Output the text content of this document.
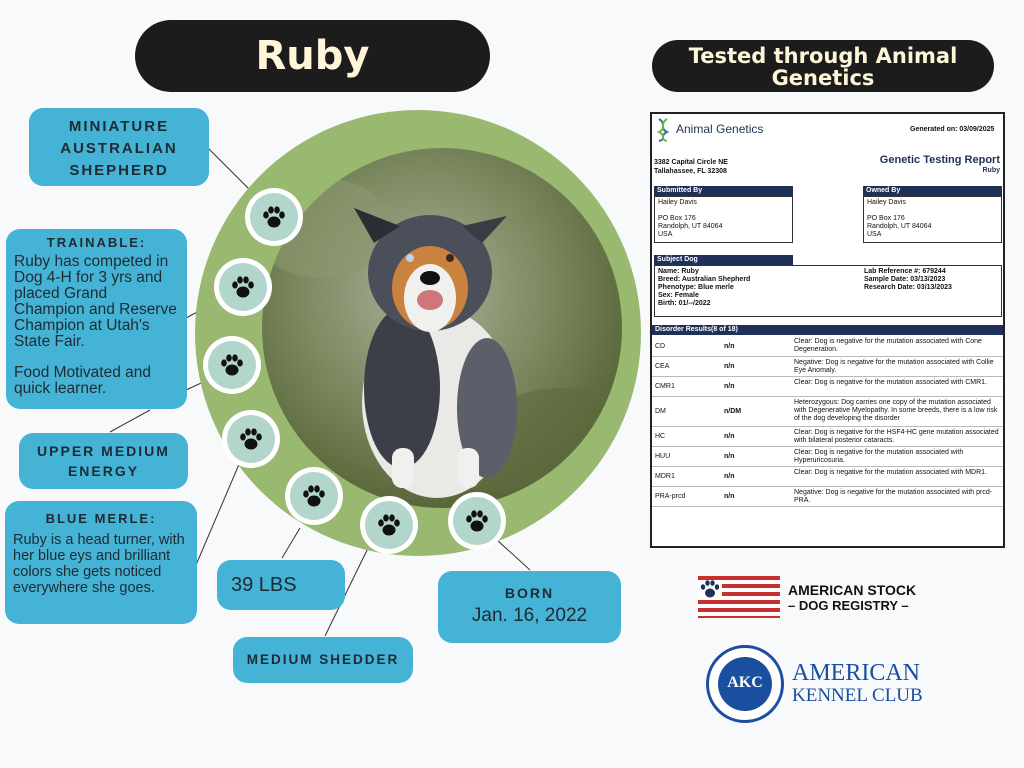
Ruby	Tested through Animal Genetics
MINIATURE AUSTRALIAN SHEPHERD
TRAINABLE:
Ruby has competed in Dog 4-H for 3 yrs and placed Grand Champion and Reserve Champion at Utah's State Fair.
Food Motivated and quick learner.
UPPER MEDIUM ENERGY
BLUE MERLE:
Ruby is a head turner, with her blue eys and brilliant colors she gets noticed everywhere she goes.	39 LBS
MEDIUM SHEDDER
BORN
Jan. 16, 2022
Animal Genetics	Generated on: 03/09/2025
3382 Capital Circle NE
Tallahassee, FL 32308
Genetic Testing Report
Ruby
Submitted By
Hailey Davis
PO Box 176
Randolph, UT 84064
USA
Owned By
Hailey Davis
PO Box 176
Randolph, UT 84064
USA
Subject Dog
Name: Ruby
Breed: Australian Shepherd
Phenotype: Blue merle
Sex: Female
Birth: 01/--/2022
Lab Reference #: 679244
Sample Date: 03/13/2023
Research Date: 03/13/2023
Disorder Results(8 of 18)
CD	n/n
Clear: Dog is negative for the mutation associated with Cone Degeneration.
CEA	n/n
Negative: Dog is negative for the mutation associated with Collie Eye Anomaly.
CMR1	n/n
Clear: Dog is negative for the mutation associated with CMR1.
DM	n/DM
Heterozygous: Dog carries one copy of the mutation associated with Degenerative Myelopathy. In some breeds, there is a low risk of the dog developing the disorder
HC	n/n
Clear: Dog is negative for the HSF4-HC gene mutation associated with bilateral posterior cataracts.
HUU	n/n
Clear: Dog is negative for the mutation associated with Hyperuricosuria.
MDR1	n/n
Clear: Dog is negative for the mutation associated with MDR1.
PRA-prcd	n/n
Negative: Dog is negative for the mutation associated with prcd-PRA.
AMERICAN STOCK
– DOG REGISTRY –
AKC	AMERICAN
KENNEL CLUB
